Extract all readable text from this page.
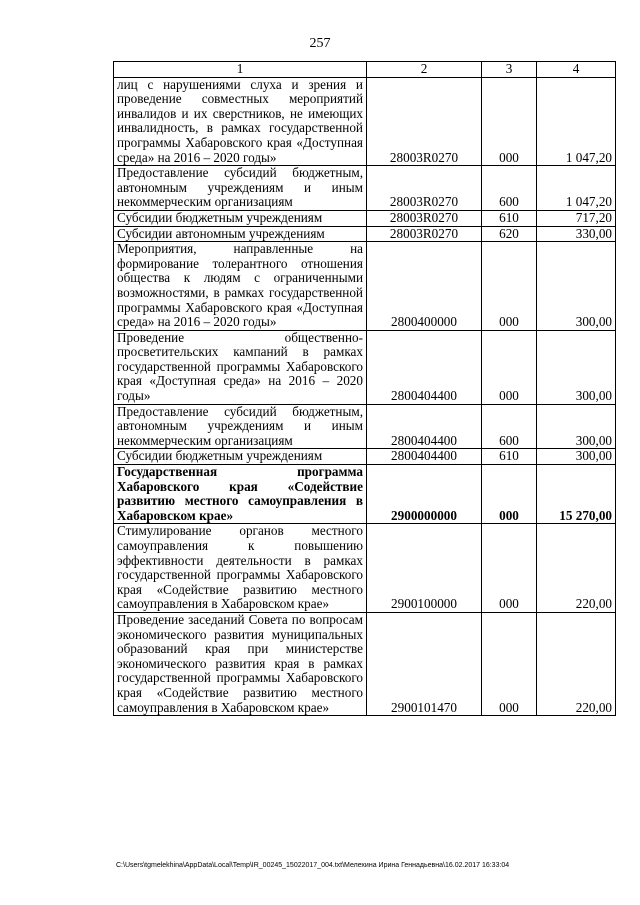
257
1	2	3	4
лиц с нарушениями слуха и зрения и проведение совместных мероприятий инвалидов и их сверстников, не имеющих инвалидность, в рамках государственной программы Хабаровского края «Доступная среда» на 2016 – 2020 годы»	28003R0270	000	1 047,20
Предоставление субсидий бюджетным, автономным учреждениям и иным некоммерческим организациям	28003R0270	600	1 047,20
Субсидии бюджетным учреждениям	28003R0270	610	717,20
Субсидии автономным учреждениям	28003R0270	620	330,00
Мероприятия, направленные на формирование толерантного отношения общества к людям с ограниченными возможностями, в рамках государственной программы Хабаровского края «Доступная среда» на 2016 – 2020 годы»	2800400000	000	300,00
Проведение общественно-просветительских кампаний в рамках государственной программы Хабаровского края «Доступная среда» на 2016 – 2020 годы»	2800404400	000	300,00
Предоставление субсидий бюджетным, автономным учреждениям и иным некоммерческим организациям	2800404400	600	300,00
Субсидии бюджетным учреждениям	2800404400	610	300,00
Государственная программа Хабаровского края «Содействие развитию местного самоуправления в Хабаровском крае»	2900000000	000	15 270,00
Стимулирование органов местного самоуправления к повышению эффективности деятельности в рамках государственной программы Хабаровского края «Содействие развитию местного самоуправления в Хабаровском крае»	2900100000	000	220,00
Проведение заседаний Совета по вопросам экономического развития муниципальных образований края при министерстве экономического развития края в рамках государственной программы Хабаровского края «Содействие развитию местного самоуправления в Хабаровском крае»	2900101470	000	220,00
C:\Users\tgmelekhina\AppData\Local\Temp\IR_00245_15022017_004.txt\Мелехина Ирина Геннадьевна\16.02.2017 16:33:04
